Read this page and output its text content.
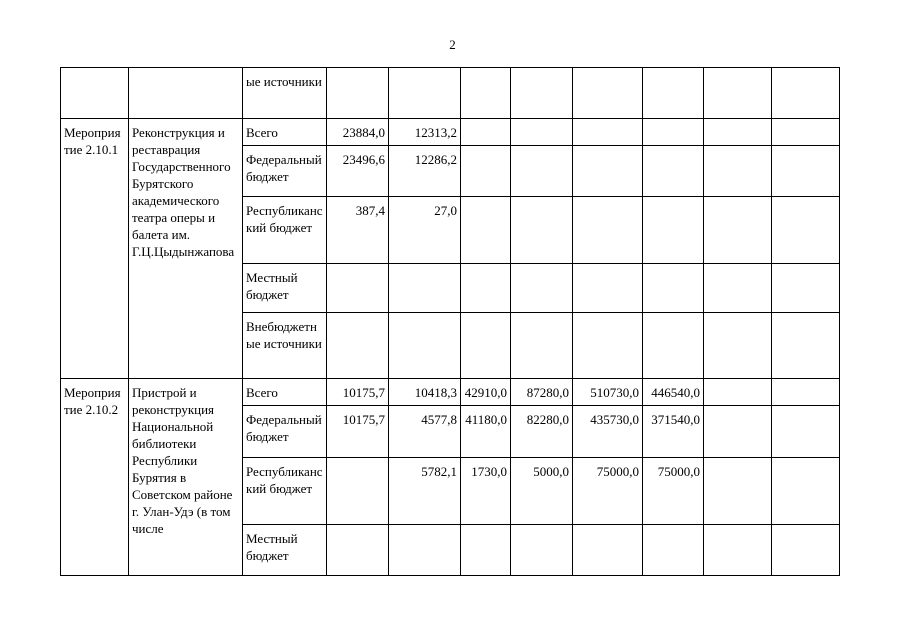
2
		ые источники								
Мероприятие 2.10.1	Реконструкция и реставрация Государственного Бурятского академического театра оперы и балета им. Г.Ц.Цыдынжапова	Всего	23884,0	12313,2						
		Федеральный бюджет	23496,6	12286,2						
		Республиканский бюджет	387,4	27,0						
		Местный бюджет								
		Внебюджетные источники								
Мероприятие 2.10.2	Пристрой и реконструкция Национальной библиотеки Республики Бурятия в Советском районе г. Улан-Удэ (в том числе	Всего	10175,7	10418,3	42910,0	87280,0	510730,0	446540,0		
		Федеральный бюджет	10175,7	4577,8	41180,0	82280,0	435730,0	371540,0		
		Республиканский бюджет		5782,1	1730,0	5000,0	75000,0	75000,0		
		Местный бюджет								
